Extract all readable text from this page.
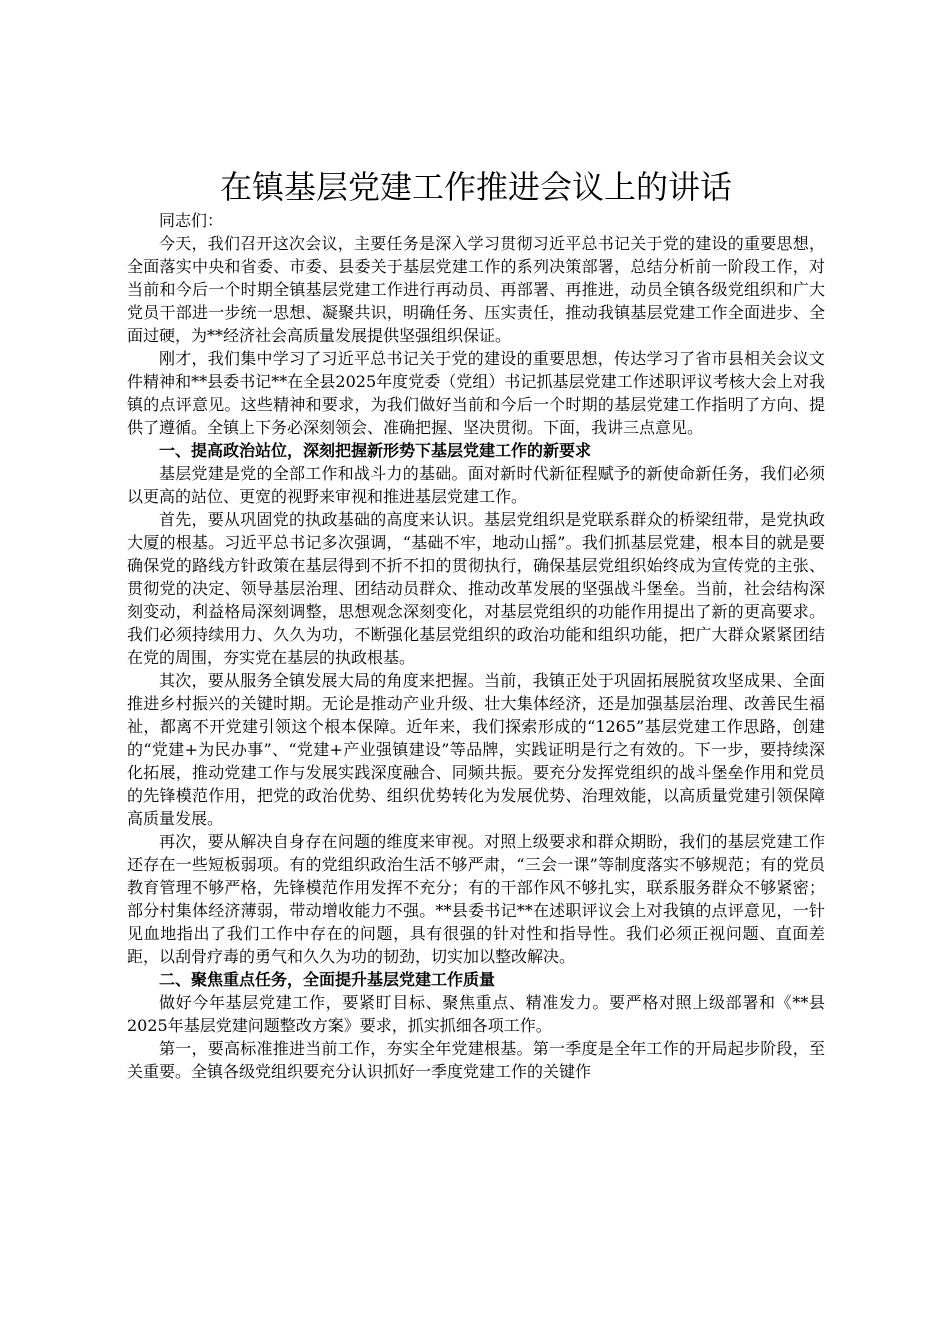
在镇基层党建工作推进会议上的讲话

同志们：

今天，我们召开这次会议，主要任务是深入学习贯彻习近平总书记关于党的建设的重要思想，全面落实中央和省委、市委、县委关于基层党建工作的系列决策部署，总结分析前一阶段工作，对当前和今后一个时期全镇基层党建工作进行再动员、再部署、再推进，动员全镇各级党组织和广大党员干部进一步统一思想、凝聚共识，明确任务、压实责任，推动我镇基层党建工作全面进步、全面过硬，为**经济社会高质量发展提供坚强组织保证。

刚才，我们集中学习了习近平总书记关于党的建设的重要思想，传达学习了省市县相关会议文件精神和**县委书记**在全县2025年度党委（党组）书记抓基层党建工作述职评议考核大会上对我镇的点评意见。这些精神和要求，为我们做好当前和今后一个时期的基层党建工作指明了方向、提供了遵循。全镇上下务必深刻领会、准确把握、坚决贯彻。下面，我讲三点意见。

一、提高政治站位，深刻把握新形势下基层党建工作的新要求

基层党建是党的全部工作和战斗力的基础。面对新时代新征程赋予的新使命新任务，我们必须以更高的站位、更宽的视野来审视和推进基层党建工作。

首先，要从巩固党的执政基础的高度来认识。基层党组织是党联系群众的桥梁纽带，是党执政大厦的根基。习近平总书记多次强调，“基础不牢，地动山摇”。我们抓基层党建，根本目的就是要确保党的路线方针政策在基层得到不折不扣的贯彻执行，确保基层党组织始终成为宣传党的主张、贯彻党的决定、领导基层治理、团结动员群众、推动改革发展的坚强战斗堡垒。当前，社会结构深刻变动，利益格局深刻调整，思想观念深刻变化，对基层党组织的功能作用提出了新的更高要求。我们必须持续用力、久久为功，不断强化基层党组织的政治功能和组织功能，把广大群众紧紧团结在党的周围，夯实党在基层的执政根基。

其次，要从服务全镇发展大局的角度来把握。当前，我镇正处于巩固拓展脱贫攻坚成果、全面推进乡村振兴的关键时期。无论是推动产业升级、壮大集体经济，还是加强基层治理、改善民生福祉，都离不开党建引领这个根本保障。近年来，我们探索形成的“1265”基层党建工作思路，创建的“党建+为民办事”、“党建+产业强镇建设”等品牌，实践证明是行之有效的。下一步，要持续深化拓展，推动党建工作与发展实践深度融合、同频共振。要充分发挥党组织的战斗堡垒作用和党员的先锋模范作用，把党的政治优势、组织优势转化为发展优势、治理效能，以高质量党建引领保障高质量发展。

再次，要从解决自身存在问题的维度来审视。对照上级要求和群众期盼，我们的基层党建工作还存在一些短板弱项。有的党组织政治生活不够严肃，“三会一课”等制度落实不够规范；有的党员教育管理不够严格，先锋模范作用发挥不充分；有的干部作风不够扎实，联系服务群众不够紧密；部分村集体经济薄弱，带动增收能力不强。**县委书记**在述职评议会上对我镇的点评意见，一针见血地指出了我们工作中存在的问题，具有很强的针对性和指导性。我们必须正视问题、直面差距，以刮骨疗毒的勇气和久久为功的韧劲，切实加以整改解决。

二、聚焦重点任务，全面提升基层党建工作质量

做好今年基层党建工作，要紧盯目标、聚焦重点、精准发力。要严格对照上级部署和《**县2025年基层党建问题整改方案》要求，抓实抓细各项工作。

第一，要高标准推进当前工作，夯实全年党建根基。第一季度是全年工作的开局起步阶段，至关重要。全镇各级党组织要充分认识抓好一季度党建工作的关键作
